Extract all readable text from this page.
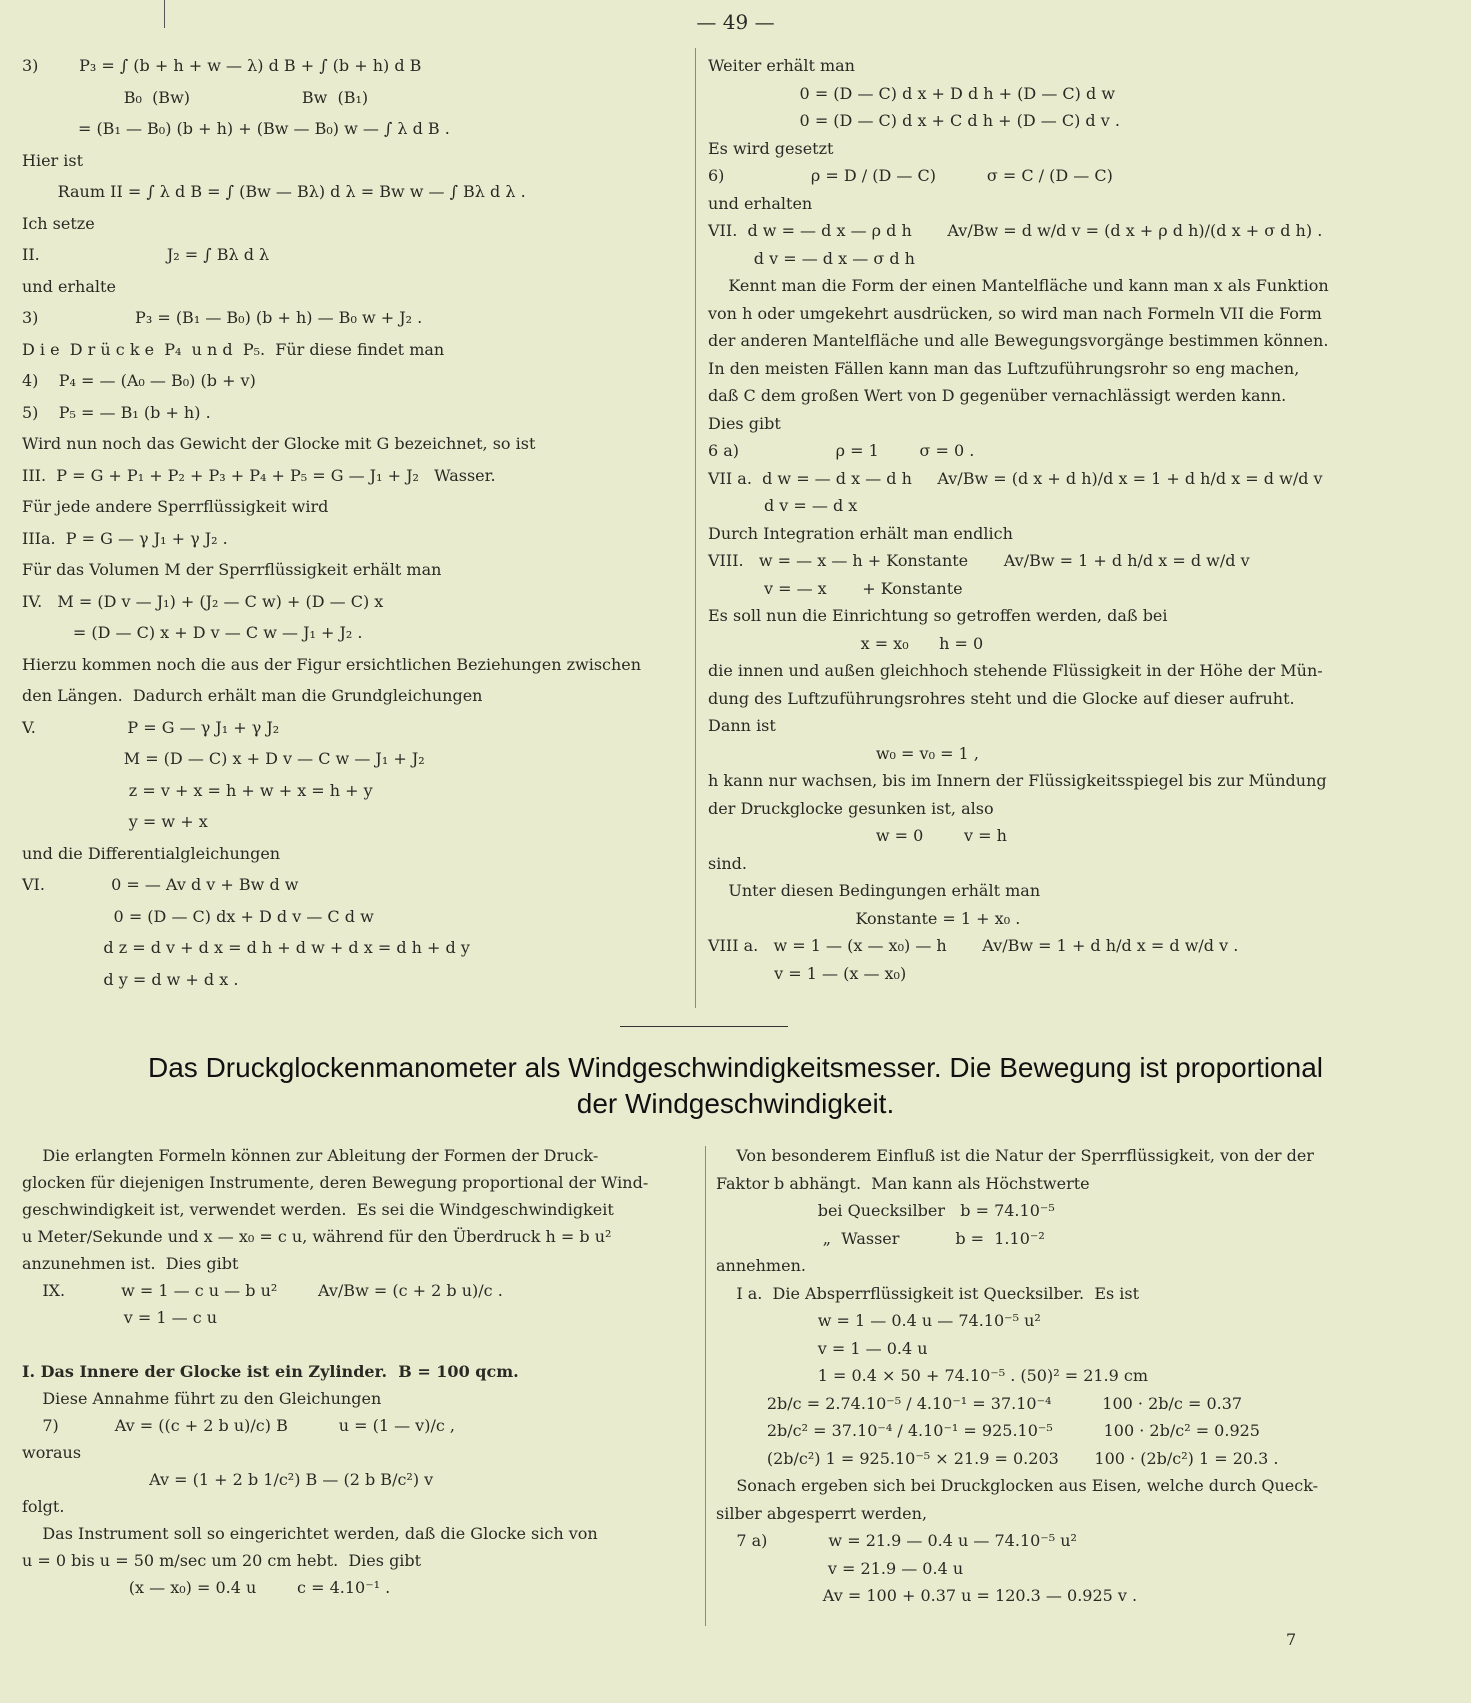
— 49 —
3)        P₃ = ∫ (b + h + w — λ) d B + ∫ (b + h) d B
B₀  (Bw)                      Bw  (B₁)
= (B₁ — B₀) (b + h) + (Bw — B₀) w — ∫ λ d B .
Hier ist
Raum II = ∫ λ d B = ∫ (Bw — Bλ) d λ = Bw w — ∫ Bλ d λ .
Ich setze
II.                         J₂ = ∫ Bλ d λ
und erhalte
3)                   P₃ = (B₁ — B₀) (b + h) — B₀ w + J₂ .
D i e  D r ü c k e  P₄  u n d  P₅.  Für diese findet man
4)    P₄ = — (A₀ — B₀) (b + v)
5)    P₅ = — B₁ (b + h) .
Wird nun noch das Gewicht der Glocke mit G bezeichnet, so ist
III.  P = G + P₁ + P₂ + P₃ + P₄ + P₅ = G — J₁ + J₂   Wasser.
Für jede andere Sperrflüssigkeit wird
IIIa.  P = G — γ J₁ + γ J₂ .
Für das Volumen M der Sperrflüssigkeit erhält man
IV.   M = (D v — J₁) + (J₂ — C w) + (D — C) x
= (D — C) x + D v — C w — J₁ + J₂ .
Hierzu kommen noch die aus der Figur ersichtlichen Beziehungen zwischen
den Längen.  Dadurch erhält man die Grundgleichungen
V.                  P = G — γ J₁ + γ J₂
M = (D — C) x + D v — C w — J₁ + J₂
z = v + x = h + w + x = h + y
y = w + x
und die Differentialgleichungen
VI.             0 = — Av d v + Bw d w
0 = (D — C) dx + D d v — C d w
d z = d v + d x = d h + d w + d x = d h + d y
d y = d w + d x .
Weiter erhält man
0 = (D — C) d x + D d h + (D — C) d w
0 = (D — C) d x + C d h + (D — C) d v .
Es wird gesetzt
6)                 ρ = D / (D — C)          σ = C / (D — C)
und erhalten
VII.  d w = — d x — ρ d h       Av/Bw = d w/d v = (d x + ρ d h)/(d x + σ d h) .
d v = — d x — σ d h
Kennt man die Form der einen Mantelfläche und kann man x als Funktion
von h oder umgekehrt ausdrücken, so wird man nach Formeln VII die Form
der anderen Mantelfläche und alle Bewegungsvorgänge bestimmen können.
In den meisten Fällen kann man das Luftzuführungsrohr so eng machen,
daß C dem großen Wert von D gegenüber vernachlässigt werden kann.
Dies gibt
6 a)                   ρ = 1        σ = 0 .
VII a.  d w = — d x — d h     Av/Bw = (d x + d h)/d x = 1 + d h/d x = d w/d v
d v = — d x
Durch Integration erhält man endlich
VIII.   w = — x — h + Konstante       Av/Bw = 1 + d h/d x = d w/d v
v = — x       + Konstante
Es soll nun die Einrichtung so getroffen werden, daß bei
x = x₀      h = 0
die innen und außen gleichhoch stehende Flüssigkeit in der Höhe der Mün-
dung des Luftzuführungsrohres steht und die Glocke auf dieser aufruht.
Dann ist
w₀ = v₀ = 1 ,
h kann nur wachsen, bis im Innern der Flüssigkeitsspiegel bis zur Mündung
der Druckglocke gesunken ist, also
w = 0        v = h
sind.
Unter diesen Bedingungen erhält man
Konstante = 1 + x₀ .
VIII a.   w = 1 — (x — x₀) — h       Av/Bw = 1 + d h/d x = d w/d v .
v = 1 — (x — x₀)
Das Druckglockenmanometer als Windgeschwindigkeitsmesser. Die Bewegung ist proportional
der Windgeschwindigkeit.
Die erlangten Formeln können zur Ableitung der Formen der Druck-
glocken für diejenigen Instrumente, deren Bewegung proportional der Wind-
geschwindigkeit ist, verwendet werden.  Es sei die Windgeschwindigkeit
u Meter/Sekunde und x — x₀ = c u, während für den Überdruck h = b u²
anzunehmen ist.  Dies gibt
IX.           w = 1 — c u — b u²        Av/Bw = (c + 2 b u)/c .
v = 1 — c u
I. Das Innere der Glocke ist ein Zylinder.  B = 100 qcm.
Diese Annahme führt zu den Gleichungen
7)           Av = ((c + 2 b u)/c) B          u = (1 — v)/c ,
woraus
Av = (1 + 2 b 1/c²) B — (2 b B/c²) v
folgt.
Das Instrument soll so eingerichtet werden, daß die Glocke sich von
u = 0 bis u = 50 m/sec um 20 cm hebt.  Dies gibt
(x — x₀) = 0.4 u        c = 4.10⁻¹ .
Von besonderem Einfluß ist die Natur der Sperrflüssigkeit, von der der
Faktor b abhängt.  Man kann als Höchstwerte
bei Quecksilber   b = 74.10⁻⁵
„  Wasser           b =  1.10⁻²
annehmen.
I a.  Die Absperrflüssigkeit ist Quecksilber.  Es ist
w = 1 — 0.4 u — 74.10⁻⁵ u²
v = 1 — 0.4 u
1 = 0.4 × 50 + 74.10⁻⁵ . (50)² = 21.9 cm
2b/c = 2.74.10⁻⁵ / 4.10⁻¹ = 37.10⁻⁴          100 · 2b/c = 0.37
2b/c² = 37.10⁻⁴ / 4.10⁻¹ = 925.10⁻⁵          100 · 2b/c² = 0.925
(2b/c²) 1 = 925.10⁻⁵ × 21.9 = 0.203       100 · (2b/c²) 1 = 20.3 .
Sonach ergeben sich bei Druckglocken aus Eisen, welche durch Queck-
silber abgesperrt werden,
7 a)            w = 21.9 — 0.4 u — 74.10⁻⁵ u²
v = 21.9 — 0.4 u
Av = 100 + 0.37 u = 120.3 — 0.925 v .
7
